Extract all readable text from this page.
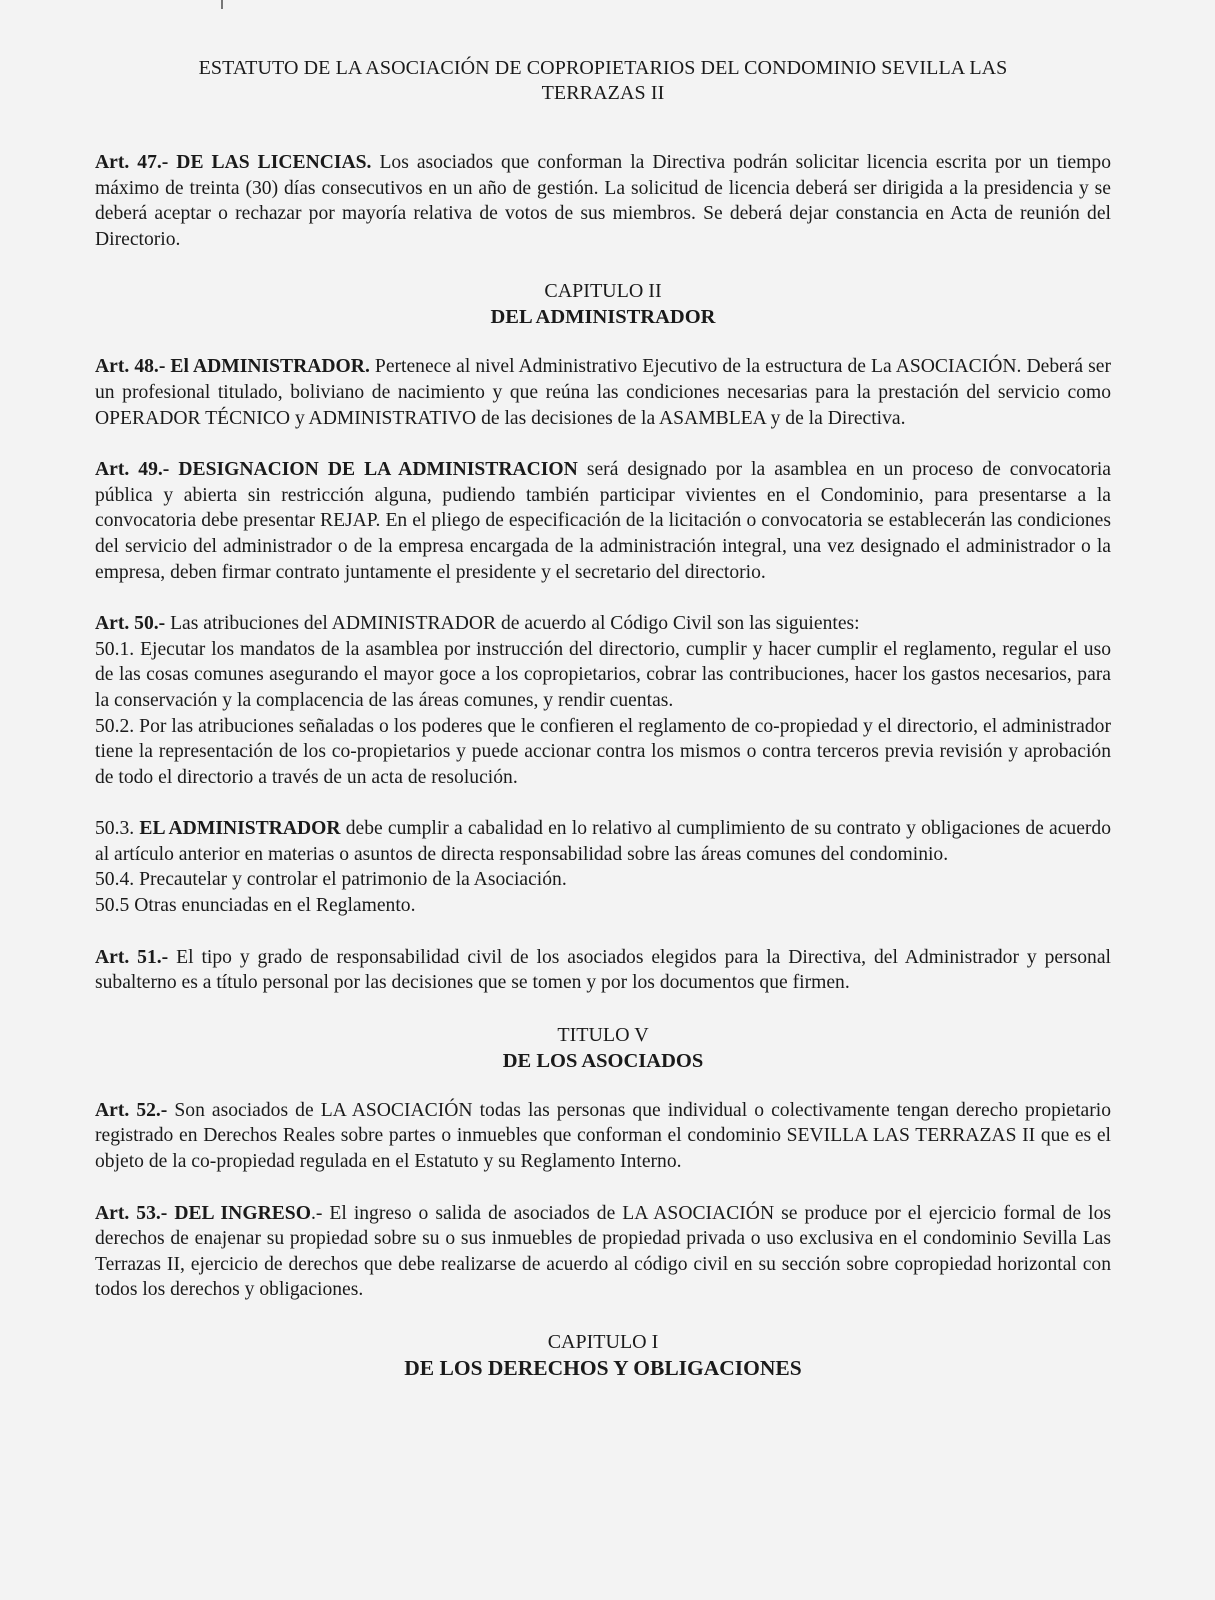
ESTATUTO DE LA ASOCIACIÓN DE COPROPIETARIOS DEL CONDOMINIO SEVILLA LAS
TERRAZAS II

Art. 47.- DE LAS LICENCIAS. Los asociados que conforman la Directiva podrán solicitar licencia escrita por un tiempo máximo de treinta (30) días consecutivos en un año de gestión. La solicitud de licencia deberá ser dirigida a la presidencia y se deberá aceptar o rechazar por mayoría relativa de votos de sus miembros. Se deberá dejar constancia en Acta de reunión del Directorio.

CAPITULO II
DEL ADMINISTRADOR

Art. 48.- El ADMINISTRADOR. Pertenece al nivel Administrativo Ejecutivo de la estructura de La ASOCIACIÓN. Deberá ser un profesional titulado, boliviano de nacimiento y que reúna las condiciones necesarias para la prestación del servicio como OPERADOR TÉCNICO y ADMINISTRATIVO de las decisiones de la ASAMBLEA y de la Directiva.

Art. 49.- DESIGNACION DE LA ADMINISTRACION será designado por la asamblea en un proceso de convocatoria pública y abierta sin restricción alguna, pudiendo también participar vivientes en el Condominio, para presentarse a la convocatoria debe presentar REJAP. En el pliego de especificación de la licitación o convocatoria se establecerán las condiciones del servicio del administrador o de la empresa encargada de la administración integral, una vez designado el administrador o la empresa, deben firmar contrato juntamente el presidente y el secretario del directorio.

Art. 50.- Las atribuciones del ADMINISTRADOR de acuerdo al Código Civil son las siguientes:

50.1. Ejecutar los mandatos de la asamblea por instrucción del directorio, cumplir y hacer cumplir el reglamento, regular el uso de las cosas comunes asegurando el mayor goce a los copropietarios, cobrar las contribuciones, hacer los gastos necesarios, para la conservación y la complacencia de las áreas comunes, y rendir cuentas.

50.2. Por las atribuciones señaladas o los poderes que le confieren el reglamento de co-propiedad y el directorio, el administrador tiene la representación de los co-propietarios y puede accionar contra los mismos o contra terceros previa revisión y aprobación de todo el directorio a través de un acta de resolución.

50.3. EL ADMINISTRADOR debe cumplir a cabalidad en lo relativo al cumplimiento de su contrato y obligaciones de acuerdo al artículo anterior en materias o asuntos de directa responsabilidad sobre las áreas comunes del condominio.

50.4. Precautelar y controlar el patrimonio de la Asociación.

50.5 Otras enunciadas en el Reglamento.

Art. 51.- El tipo y grado de responsabilidad civil de los asociados elegidos para la Directiva, del Administrador y personal subalterno es a título personal por las decisiones que se tomen y por los documentos que firmen.

TITULO V
DE LOS ASOCIADOS

Art. 52.- Son asociados de LA ASOCIACIÓN todas las personas que individual o colectivamente tengan derecho propietario registrado en Derechos Reales sobre partes o inmuebles que conforman el condominio SEVILLA LAS TERRAZAS II que es el objeto de la co-propiedad regulada en el Estatuto y su Reglamento Interno.

Art. 53.- DEL INGRESO.- El ingreso o salida de asociados de LA ASOCIACIÓN se produce por el ejercicio formal de los derechos de enajenar su propiedad sobre su o sus inmuebles de propiedad privada o uso exclusiva en el condominio Sevilla Las Terrazas II, ejercicio de derechos que debe realizarse de acuerdo al código civil en su sección sobre copropiedad horizontal con todos los derechos y obligaciones.

CAPITULO I
DE LOS DERECHOS Y OBLIGACIONES
